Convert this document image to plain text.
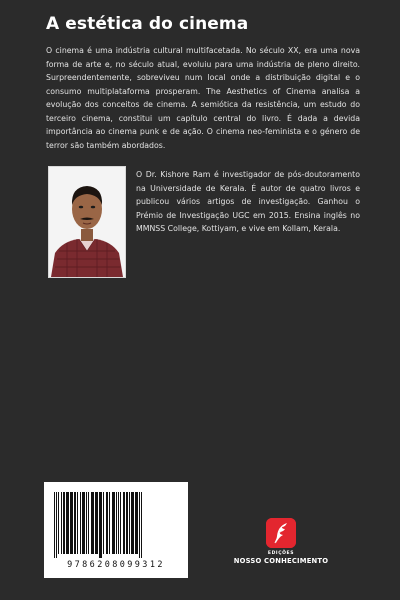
A estética do cinema
O cinema é uma indústria cultural multifacetada. No século XX, era uma nova forma de arte e, no século atual, evoluiu para uma indústria de pleno direito. Surpreendentemente, sobreviveu num local onde a distribuição digital e o consumo multiplataforma prosperam. The Aesthetics of Cinema analisa a evolução dos conceitos de cinema. A semiótica da resistência, um estudo do terceiro cinema, constitui um capítulo central do livro. É dada a devida importância ao cinema punk e de ação. O cinema neo-feminista e o género de terror são também abordados.
O Dr. Kishore Ram é investigador de pós-doutoramento na Universidade de Kerala. É autor de quatro livros e publicou vários artigos de investigação. Ganhou o Prémio de Investigação UGC em 2015. Ensina inglês no MMNSS College, Kottiyam, e vive em Kollam, Kerala.
9786208099312
EDIÇÕES
NOSSO CONHECIMENTO
